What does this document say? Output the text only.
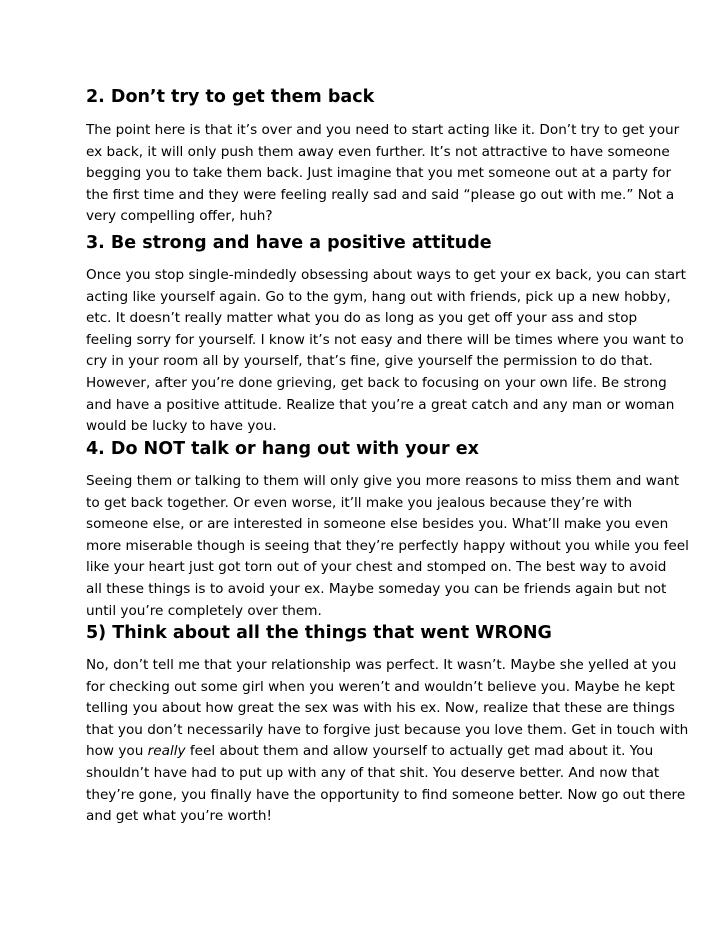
2. Don’t try to get them back

The point here is that it’s over and you need to start acting like it. Don’t try to get your
ex back, it will only push them away even further. It’s not attractive to have someone
begging you to take them back. Just imagine that you met someone out at a party for
the first time and they were feeling really sad and said “please go out with me.” Not a
very compelling offer, huh?

3. Be strong and have a positive attitude

Once you stop single-mindedly obsessing about ways to get your ex back, you can start
acting like yourself again. Go to the gym, hang out with friends, pick up a new hobby,
etc. It doesn’t really matter what you do as long as you get off your ass and stop
feeling sorry for yourself. I know it’s not easy and there will be times where you want to
cry in your room all by yourself, that’s fine, give yourself the permission to do that.
However, after you’re done grieving, get back to focusing on your own life. Be strong
and have a positive attitude. Realize that you’re a great catch and any man or woman
would be lucky to have you.

4. Do NOT talk or hang out with your ex

Seeing them or talking to them will only give you more reasons to miss them and want
to get back together. Or even worse, it’ll make you jealous because they’re with
someone else, or are interested in someone else besides you. What’ll make you even
more miserable though is seeing that they’re perfectly happy without you while you feel
like your heart just got torn out of your chest and stomped on. The best way to avoid
all these things is to avoid your ex. Maybe someday you can be friends again but not
until you’re completely over them.

5) Think about all the things that went WRONG

No, don’t tell me that your relationship was perfect. It wasn’t. Maybe she yelled at you
for checking out some girl when you weren’t and wouldn’t believe you. Maybe he kept
telling you about how great the sex was with his ex. Now, realize that these are things
that you don’t necessarily have to forgive just because you love them. Get in touch with
how you really feel about them and allow yourself to actually get mad about it. You
shouldn’t have had to put up with any of that shit. You deserve better. And now that
they’re gone, you finally have the opportunity to find someone better. Now go out there
and get what you’re worth!
